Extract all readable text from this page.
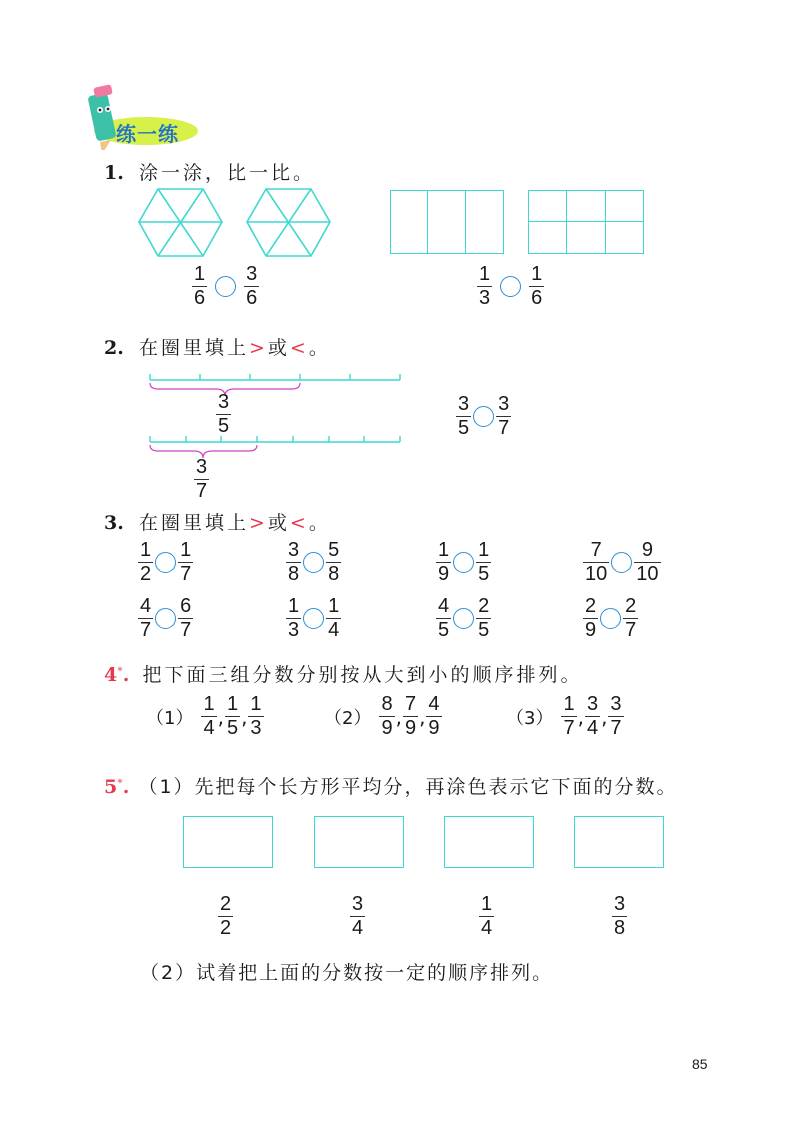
练一练
1. 涂一涂，比一比。
$\frac{1}{6} \frac{3}{6}$	$\frac{1}{3} \frac{1}{6}$
2. 在圈里填上>或<。
$\frac{3}{5}$
$\frac{3}{7}$
$\frac{3}{5} \frac{3}{7}$
3. 在圈里填上>或<。
$\frac{1}{2} \frac{1}{7}$	$\frac{3}{8} \frac{5}{8}$	$\frac{1}{9} \frac{1}{5}$	$\frac{7}{10} \frac{9}{10}$
$\frac{4}{7} \frac{6}{7}$	$\frac{1}{3} \frac{1}{4}$	$\frac{4}{5} \frac{2}{5}$	$\frac{2}{9} \frac{2}{7}$
4*. 把下面三组分数分别按从大到小的顺序排列。
$(1) \frac{1}{4}$ , $\frac{1}{5}$ , $\frac{1}{3}$	$(2) \frac{8}{9}$ , $\frac{7}{9}$ , $\frac{4}{9}$	$(3) \frac{1}{7}$ , $\frac{3}{4}$ , $\frac{3}{7}$
5*. （1）先把每个长方形平均分，再涂色表示它下面的分数。
$\frac{2}{2}$	$\frac{3}{4}$	$\frac{1}{4}$	$\frac{3}{8}$
（2）试着把上面的分数按一定的顺序排列。
85
